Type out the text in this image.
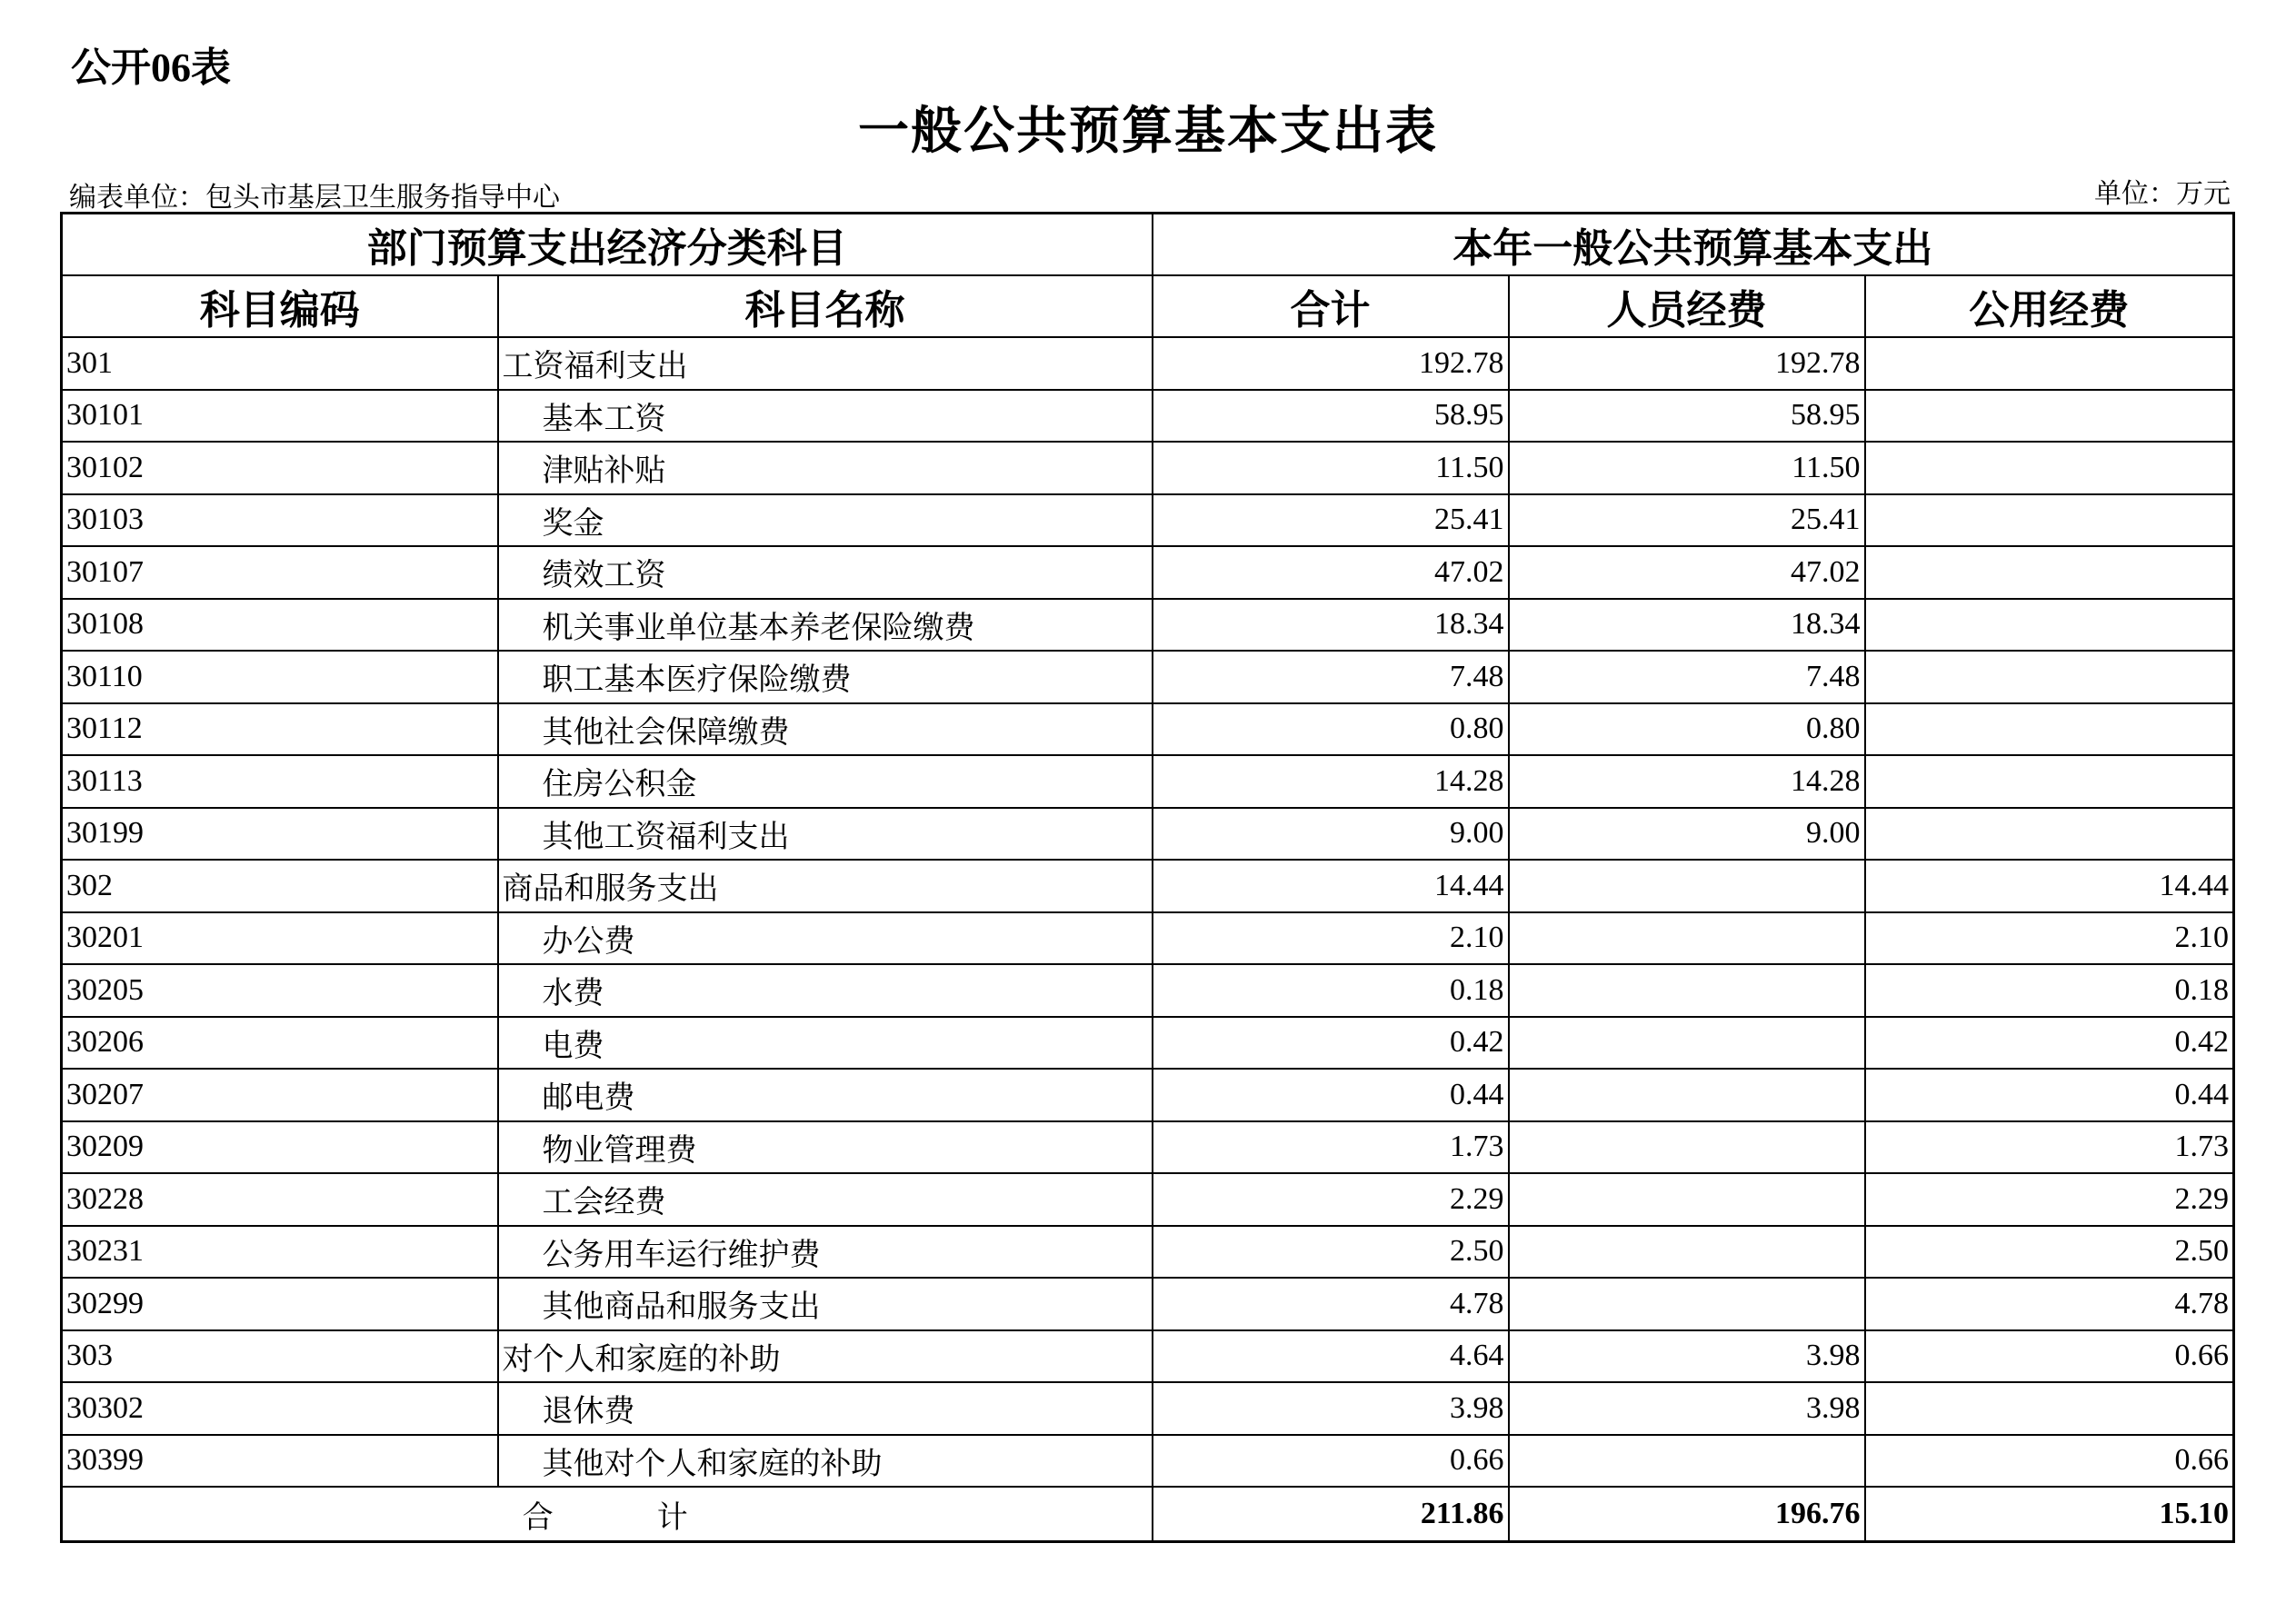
公开06表
一般公共预算基本支出表
编表单位：包头市基层卫生服务指导中心	单位：万元
部门预算支出经济分类科目		本年一般公共预算基本支出		
科目编码	科目名称	合计	人员经费	公用经费
301	工资福利支出	192.78	192.78	
30101	基本工资	58.95	58.95	
30102	津贴补贴	11.50	11.50	
30103	奖金	25.41	25.41	
30107	绩效工资	47.02	47.02	
30108	机关事业单位基本养老保险缴费	18.34	18.34	
30110	职工基本医疗保险缴费	7.48	7.48	
30112	其他社会保障缴费	0.80	0.80	
30113	住房公积金	14.28	14.28	
30199	其他工资福利支出	9.00	9.00	
302	商品和服务支出	14.44		14.44
30201	办公费	2.10		2.10
30205	水费	0.18		0.18
30206	电费	0.42		0.42
30207	邮电费	0.44		0.44
30209	物业管理费	1.73		1.73
30228	工会经费	2.29		2.29
30231	公务用车运行维护费	2.50		2.50
30299	其他商品和服务支出	4.78		4.78
303	对个人和家庭的补助	4.64	3.98	0.66
30302	退休费	3.98	3.98	
30399	其他对个人和家庭的补助	0.66		0.66
合 计		211.86	196.76	15.10
